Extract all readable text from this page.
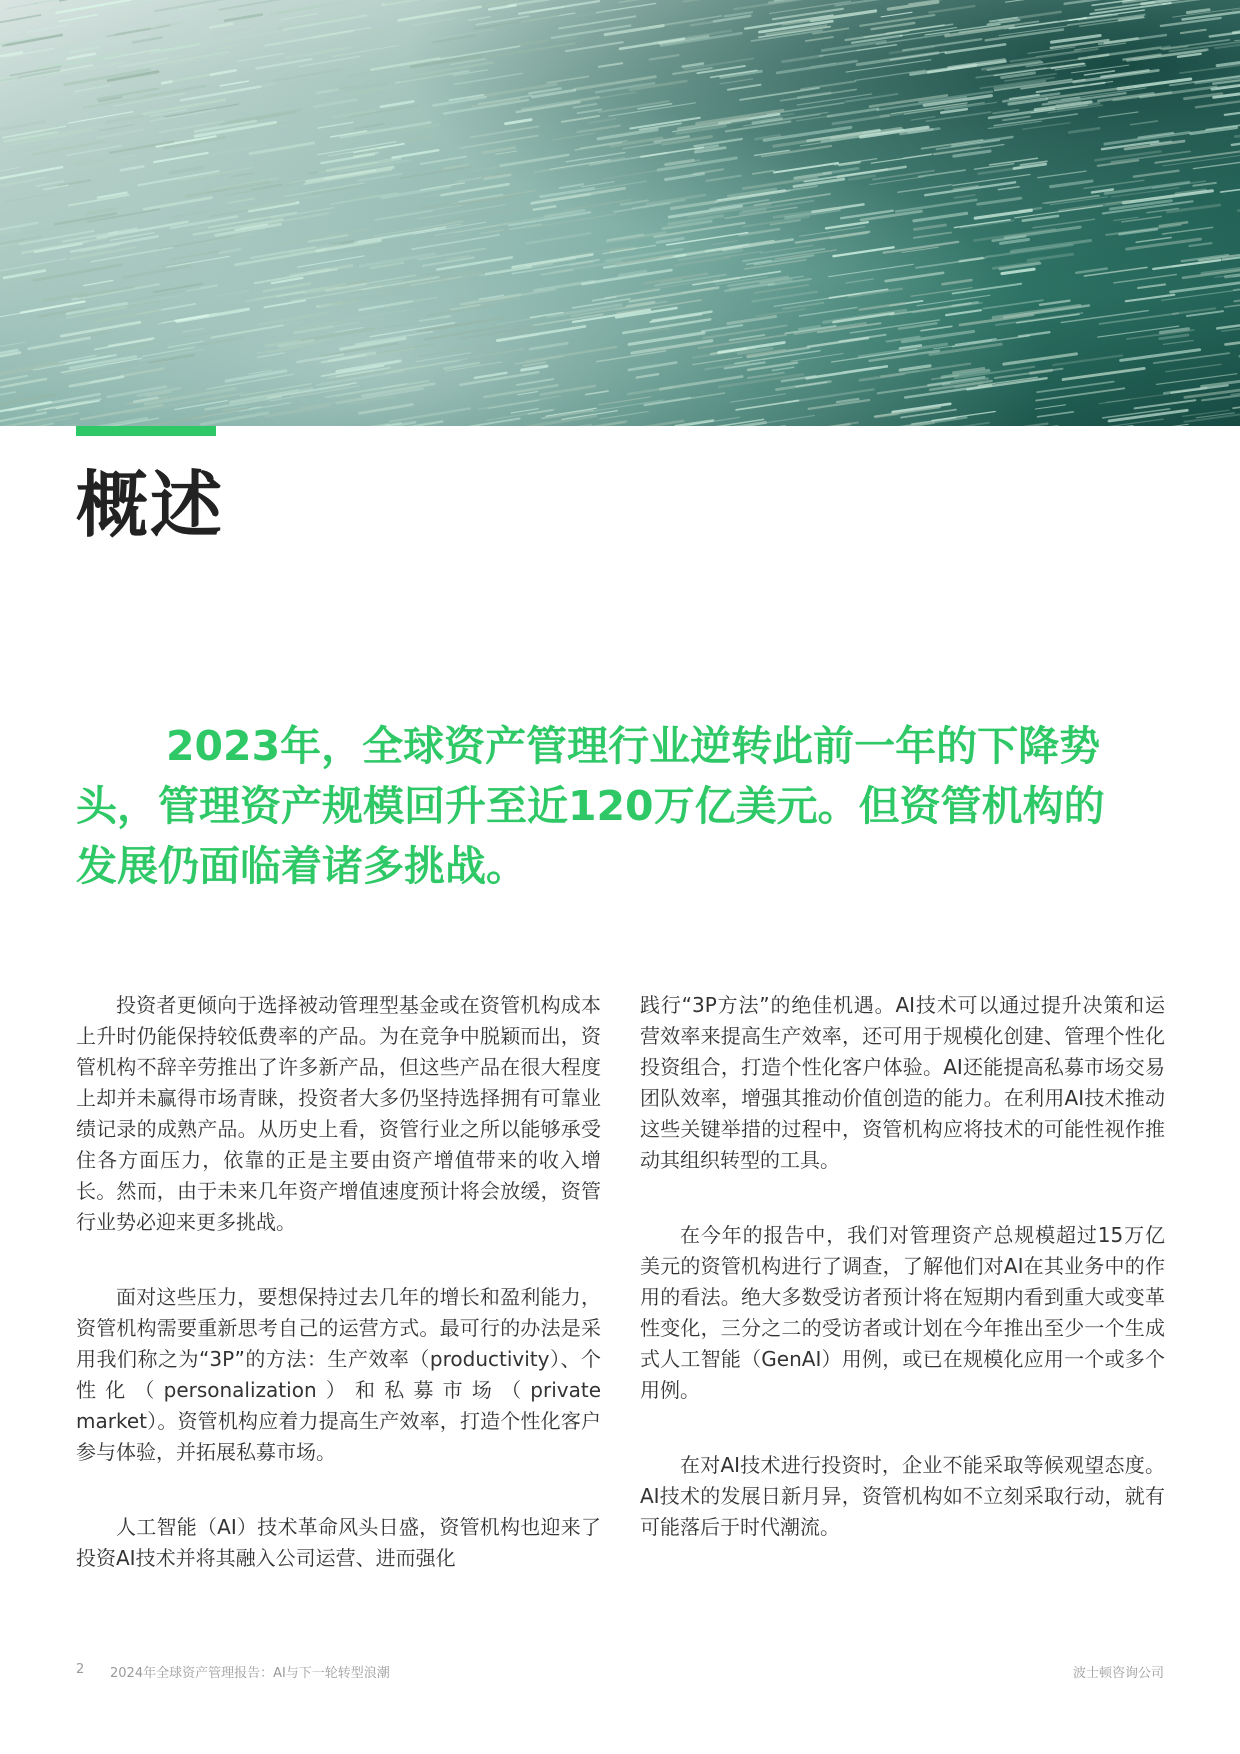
概述

2023年，全球资产管理行业逆转此前一年的下降势头，管理资产规模回升至近120万亿美元。但资管机构的发展仍面临着诸多挑战。

投资者更倾向于选择被动管理型基金或在资管机构成本上升时仍能保持较低费率的产品。为在竞争中脱颖而出，资管机构不辞辛劳推出了许多新产品，但这些产品在很大程度上却并未赢得市场青睐，投资者大多仍坚持选择拥有可靠业绩记录的成熟产品。从历史上看，资管行业之所以能够承受住各方面压力，依靠的正是主要由资产增值带来的收入增长。然而，由于未来几年资产增值速度预计将会放缓，资管行业势必迎来更多挑战。

面对这些压力，要想保持过去几年的增长和盈利能力，资管机构需要重新思考自己的运营方式。最可行的办法是采用我们称之为“3P”的方法：生产效率（productivity）、个性化（personalization）和私募市场（private market）。资管机构应着力提高生产效率，打造个性化客户参与体验，并拓展私募市场。

人工智能（AI）技术革命风头日盛，资管机构也迎来了投资AI技术并将其融入公司运营、进而强化

践行“3P方法”的绝佳机遇。AI技术可以通过提升决策和运营效率来提高生产效率，还可用于规模化创建、管理个性化投资组合，打造个性化客户体验。AI还能提高私募市场交易团队效率，增强其推动价值创造的能力。在利用AI技术推动这些关键举措的过程中，资管机构应将技术的可能性视作推动其组织转型的工具。

在今年的报告中，我们对管理资产总规模超过15万亿美元的资管机构进行了调查，了解他们对AI在其业务中的作用的看法。绝大多数受访者预计将在短期内看到重大或变革性变化，三分之二的受访者或计划在今年推出至少一个生成式人工智能（GenAI）用例，或已在规模化应用一个或多个用例。

在对AI技术进行投资时，企业不能采取等候观望态度。AI技术的发展日新月异，资管机构如不立刻采取行动，就有可能落后于时代潮流。

2 2024年全球资产管理报告：AI与下一轮转型浪潮	波士顿咨询公司
